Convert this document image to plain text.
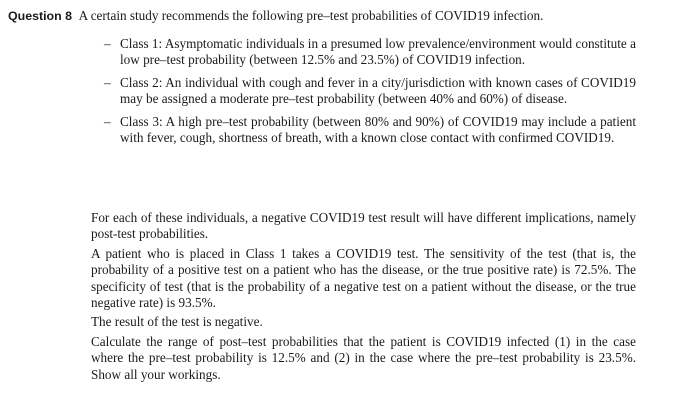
Question 8 A certain study recommends the following pre–test probabilities of COVID19 infection.
– Class 1: Asymptomatic individuals in a presumed low prevalence/environment would constitute a low pre–test probability (between 12.5% and 23.5%) of COVID19 infection.
– Class 2: An individual with cough and fever in a city/jurisdiction with known cases of COVID19 may be assigned a moderate pre–test probability (between 40% and 60%) of disease.
– Class 3: A high pre–test probability (between 80% and 90%) of COVID19 may include a patient with fever, cough, shortness of breath, with a known close contact with confirmed COVID19.

For each of these individuals, a negative COVID19 test result will have different implications, namely post-test probabilities.

A patient who is placed in Class 1 takes a COVID19 test. The sensitivity of the test (that is, the probability of a positive test on a patient who has the disease, or the true positive rate) is 72.5%. The specificity of test (that is the probability of a negative test on a patient without the disease, or the true negative rate) is 93.5%.

The result of the test is negative.

Calculate the range of post–test probabilities that the patient is COVID19 infected (1) in the case where the pre–test probability is 12.5% and (2) in the case where the pre–test probability is 23.5%. Show all your workings.
